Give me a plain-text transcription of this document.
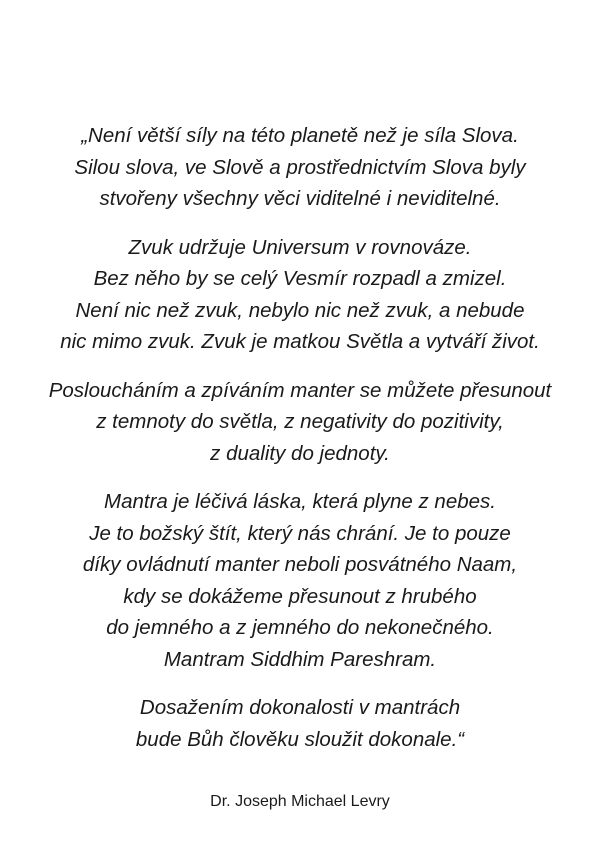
„Není větší síly na této planetě než je síla Slova.
Silou slova, ve Slově a prostřednictvím Slova byly
stvořeny všechny věci viditelné i neviditelné.

Zvuk udržuje Universum v rovnováze.
Bez něho by se celý Vesmír rozpadl a zmizel.
Není nic než zvuk, nebylo nic než zvuk, a nebude
nic mimo zvuk. Zvuk je matkou Světla a vytváří život.

Posloucháním a zpíváním manter se můžete přesunout
z temnoty do světla, z negativity do pozitivity,
z duality do jednoty.

Mantra je léčivá láska, která plyne z nebes.
Je to božský štít, který nás chrání. Je to pouze
díky ovládnutí manter neboli posvátného Naam,
kdy se dokážeme přesunout z hrubého
do jemného a z jemného do nekonečného.
Mantram Siddhim Pareshram.

Dosažením dokonalosti v mantrách
bude Bůh člověku sloužit dokonale.“

Dr. Joseph Michael Levry
